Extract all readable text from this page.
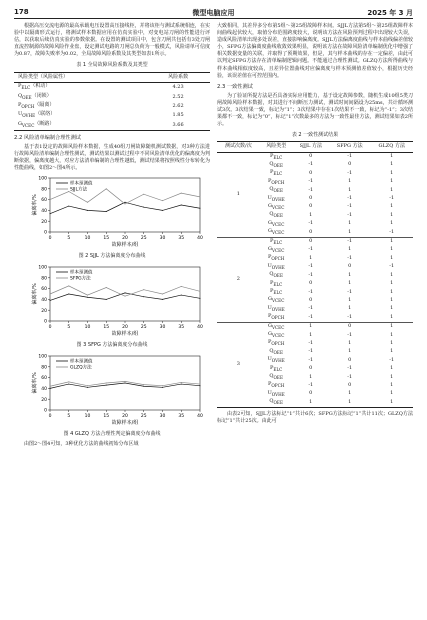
178	微型电脑应用	2025 年 3 月

根据高压交流电源的最高承载电压设置高压接线柜，并将该柜与测试系统相连，在实验中以隔离形式运行，将测试样本数据应用在仿真实验中，对变电站刀闸的性能进行评估，以获取后续仿真实验的参数依据。在设置的测试项目中，包含刀闸共包括有3处刀闸直流控制源的故障风险作业盘，设定测试电路的刀闸总负荷为一般模式，风险请单可信度为0.87，故障失败率为0.02，全局故障风险系数及其类型如表1所示。

表 1 全局故障风险系数及其类型
风险类型（风险属性）	风险系数
$P_{ELC}$（积动）	4.23
$Q_{OEE}$（闭锁）	2.52
$P_{OPCH}$（隔离）	2.62
$U_{OVHE}$（联络）	1.85
$G_{VCEC}$（断路）	3.66
2.2 风险清单编制合理性测试

基于表1设定的故障风险样本数据，生成40组刀闸故障随机测试数据，对3种方法进行故障风险清单编制合理性测试，测试结果以测试过程中不同风险清单优化的偏离度为判断依据，偏离度越大，对应方法清单编制的合理性越低，测试结果将按照线性分布转化为性能曲线，如图2～图4所示。

0
20
40
60
80
100
0	5	10	15	20	25	30	35	40
偏离率/%
故障样本/组
样本预测值
SJJL方法
图 2 SJJL 方法偏离度分布曲线
0
20
40
60
80
100
0	5	10	15	20	25	30	35	40
偏离率/%
故障样本/组
样本预测值
SFPG方法
图 3 SFPG 方法偏离度分布曲线
0
20
40
60
80
100
0	5	10	15	20	25	30	35	40
偏离率/%
故障样本/组
样本预测值
GLZQ方法
图 4 GLZQ 方法合理性判定偏离度分布曲线

由图2～图4可知，3种优化方法的曲线初始分布区域

大致相同，其差异多分布第5组～第25组故障样本间。SJJL方法第5组～第25组故障样本间曲线起伏较大，取值分布范围跨度较大，说明该方法在风险预判过程中出现较大失误，造成风险清单出现多处误差，直接影响偏离度。SJJL方法偏离度曲线与样本曲线偏差值较小，SFPG方法偏离度曲线收敛效果明显，说明该方法在故障风险清单编制优化中增强了相关数据变量的关联，并取得了预期效果，但是，其与样本曲线的存在一定偏差，由此可以判定SFPG方法存在清单编制逻辑问题。不能通过合理性测试。GLZQ方法所得曲线与样本曲线相似度较高，且差异位置曲线对应偏离度与样本预测值差值较小，根据历史经验，该误差值在可控范围内。

2.3 一致性测试

为了验证所提方法是否具备实际应用能力，基于设定故障参数，随机生成10组5类刀闸故障风险样本数据，对其进行不间断压力测试，测试时间间隔设为25ms，共计循环测试3次。3次结果一致，标记为“1”；3次结果中存在1次结果不一致，标记为“-1”；3次结果都不一致，标记为“0”，标记“1”次数最多的方法为一致性最佳方法，测试结果如表2所示。

表 2 一致性测试结果
测试次数/次	风险类型	SJJL 方法	SFPG 方法	GLZQ 方法
1	$P_{ELC}$	0	-1	1
	$Q_{OEE}$	-1	0	1
	$P_{ELC}$	0	-1	1
	$P_{OPCH}$	-1	1	1
	$Q_{OEE}$	-1	1	1
	$U_{OVHE}$	0	-1	-1
	$G_{VCEC}$	0	-1	1
	$Q_{OEE}$	1	-1	1
	$G_{VCEC}$	-1	1	1
	$G_{VCEC}$	0	1	-1
2	$P_{ELC}$	0	-1	1
	$G_{VCEC}$	-1	1	1
	$P_{OPCH}$	1	-1	1
	$U_{OVHE}$	-1	0	-1
	$Q_{OEE}$	-1	1	1
	$P_{ELC}$	0	1	1
	$P_{ELC}$	-1	-1	1
	$G_{VCEC}$	0	1	1
	$U_{OVHE}$	-1	1	1
	$P_{OPCH}$	-1	-1	1
3	$G_{VCEC}$	1	0	1
	$G_{VCEC}$	1	-1	1
	$P_{OPCH}$	-1	1	1
	$Q_{OEE}$	-1	1	1
	$U_{OVHE}$	-1	0	-1
	$P_{ELC}$	0	-1	1
	$Q_{OEE}$	1	-1	1
	$P_{OPCH}$	-1	0	1
	$U_{OVHE}$	0	1	1
	$Q_{OEE}$	1	1	1

由表2可知，SJJL方法标记“1”共计6次；SFPG方法标记“1”共计11次；GLZQ方法标记“1”共计25次。由此可
